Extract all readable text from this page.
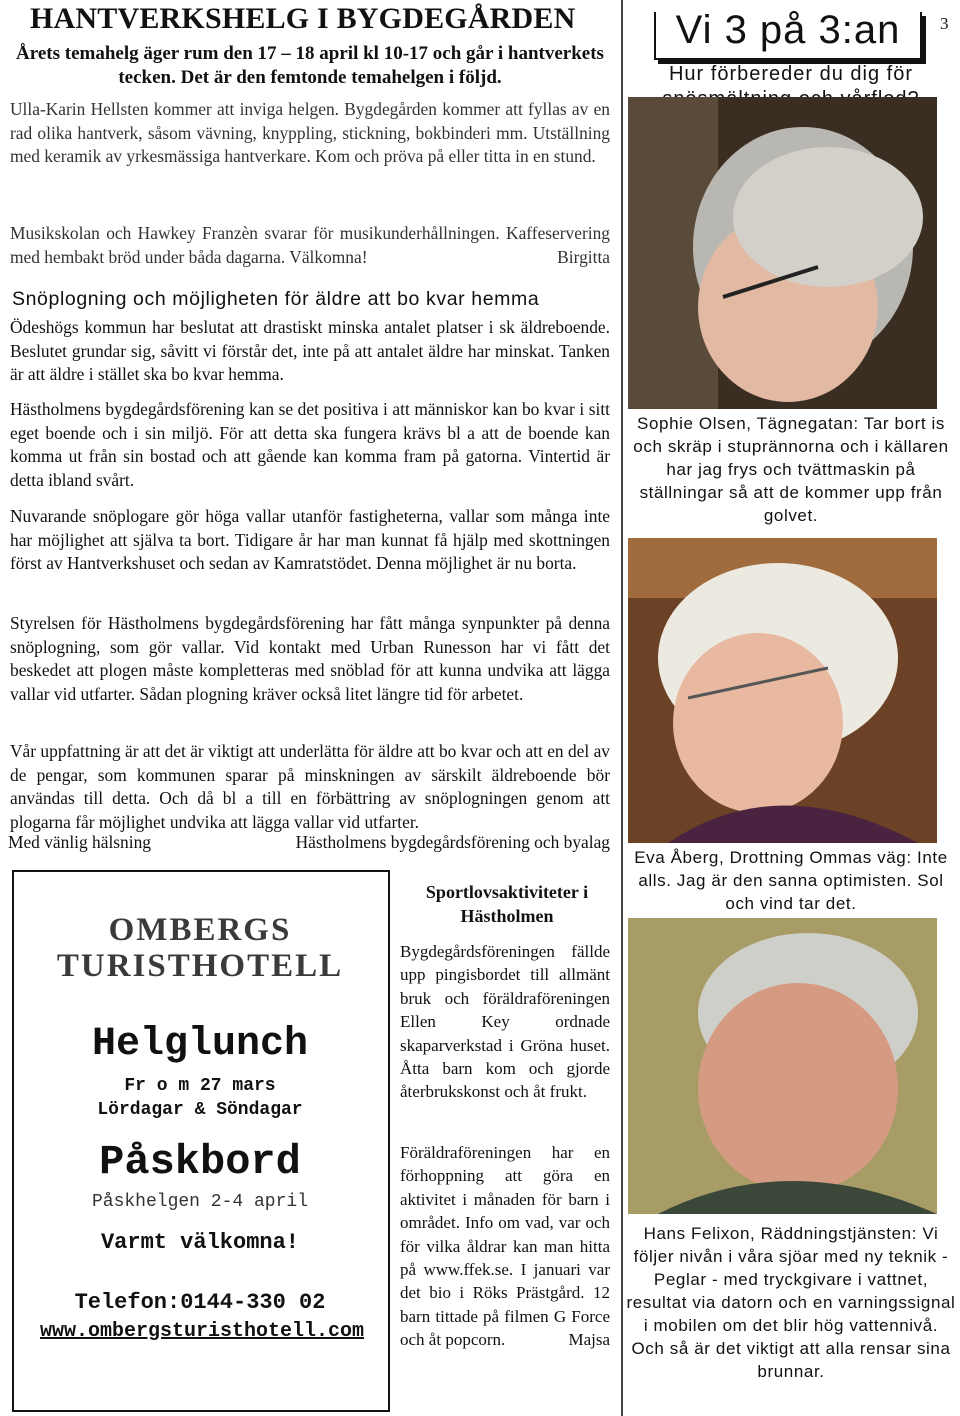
HANTVERKSHELG I BYGDEGÅRDEN
Årets temahelg äger rum den 17 – 18 april kl 10-17 och går i hantverkets tecken. Det är den femtonde temahelgen i följd.
Ulla-Karin Hellsten kommer att inviga helgen. Bygdegården kommer att fyllas av en rad olika hantverk, såsom vävning, knyppling, stickning, bokbinderi mm. Utställning med keramik av yrkesmässiga hantverkare. Kom och pröva på eller titta in en stund.
Musikskolan och Hawkey Franzèn svarar för musikunderhållningen. Kaffeservering med hembakt bröd under båda dagarna. Välkomna!	Birgitta
Snöplogning och möjligheten för äldre att bo kvar hemma
Ödeshögs kommun har beslutat att drastiskt minska antalet platser i sk äldreboende. Beslutet grundar sig, såvitt vi förstår det, inte på att antalet äldre har minskat. Tanken är att äldre i stället ska bo kvar hemma.
Hästholmens bygdegårdsförening kan se det positiva i att människor kan bo kvar i sitt eget boende och i sin miljö. För att detta ska fungera krävs bl a att de boende kan komma ut från sin bostad och att gående kan komma fram på gatorna. Vintertid är detta ibland svårt.
Nuvarande snöplogare gör höga vallar utanför fastigheterna, vallar som många inte har möjlighet att själva ta bort. Tidigare år har man kunnat få hjälp med skottningen först av Hantverkshuset och sedan av Kamratstödet. Denna möjlighet är nu borta.
Styrelsen för Hästholmens bygdegårdsförening har fått många synpunkter på denna snöplogning, som gör vallar. Vid kontakt med Urban Runesson har vi fått det beskedet att plogen måste kompletteras med snöblad för att kunna undvika att lägga vallar vid utfarter. Sådan plogning kräver också litet längre tid för arbetet.
Vår uppfattning är att det är viktigt att underlätta för äldre att bo kvar och att en del av de pengar, som kommunen sparar på minskningen av särskilt äldreboende bör användas till detta. Och då bl a till en förbättring av snöplogningen genom att plogarna får möjlighet undvika att lägga vallar vid utfarter.
Med vänlig hälsning	Hästholmens bygdegårdsförening och byalag
Vi 3 på 3:an	3
Hur förbereder du dig för
Sophie Olsen, Tägnegatan: Tar bort is och skräp i stuprännorna och i källaren har jag frys och tvättmaskin på ställningar så att de kommer upp från golvet.
Eva Åberg, Drottning Ommas väg: Inte alls. Jag är den sanna optimisten. Sol och vind tar det.
Hans Felixon, Räddningstjänsten: Vi följer nivån i våra sjöar med ny teknik - Peglar - med tryckgivare i vattnet, resultat via datorn och en varningssignal i mobilen om det blir hög vattennivå. Och så är det viktigt att alla rensar sina brunnar.
OMBERGS
TURISTHOTELL
Helglunch
Fr o m 27 mars
Lördagar & Söndagar
Påskbord
Påskhelgen 2-4 april
Varmt välkomna!
Telefon:0144-330 02
www.ombergsturisthotell.com
Sportlovsaktiviteter i Hästholmen
Bygdegårdsföreningen fällde upp pingisbordet till allmänt bruk och föräldraföreningen Ellen Key ordnade skaparverkstad i Gröna huset. Åtta barn kom och gjorde återbrukskonst och åt frukt.
Föräldraföreningen har en förhoppning att göra en aktivitet i månaden för barn i området. Info om vad, var och för vilka åldrar kan man hitta på www.ffek.se. I januari var det bio i Röks Prästgård. 12 barn tittade på filmen G Force och åt popcorn.	Majsa
